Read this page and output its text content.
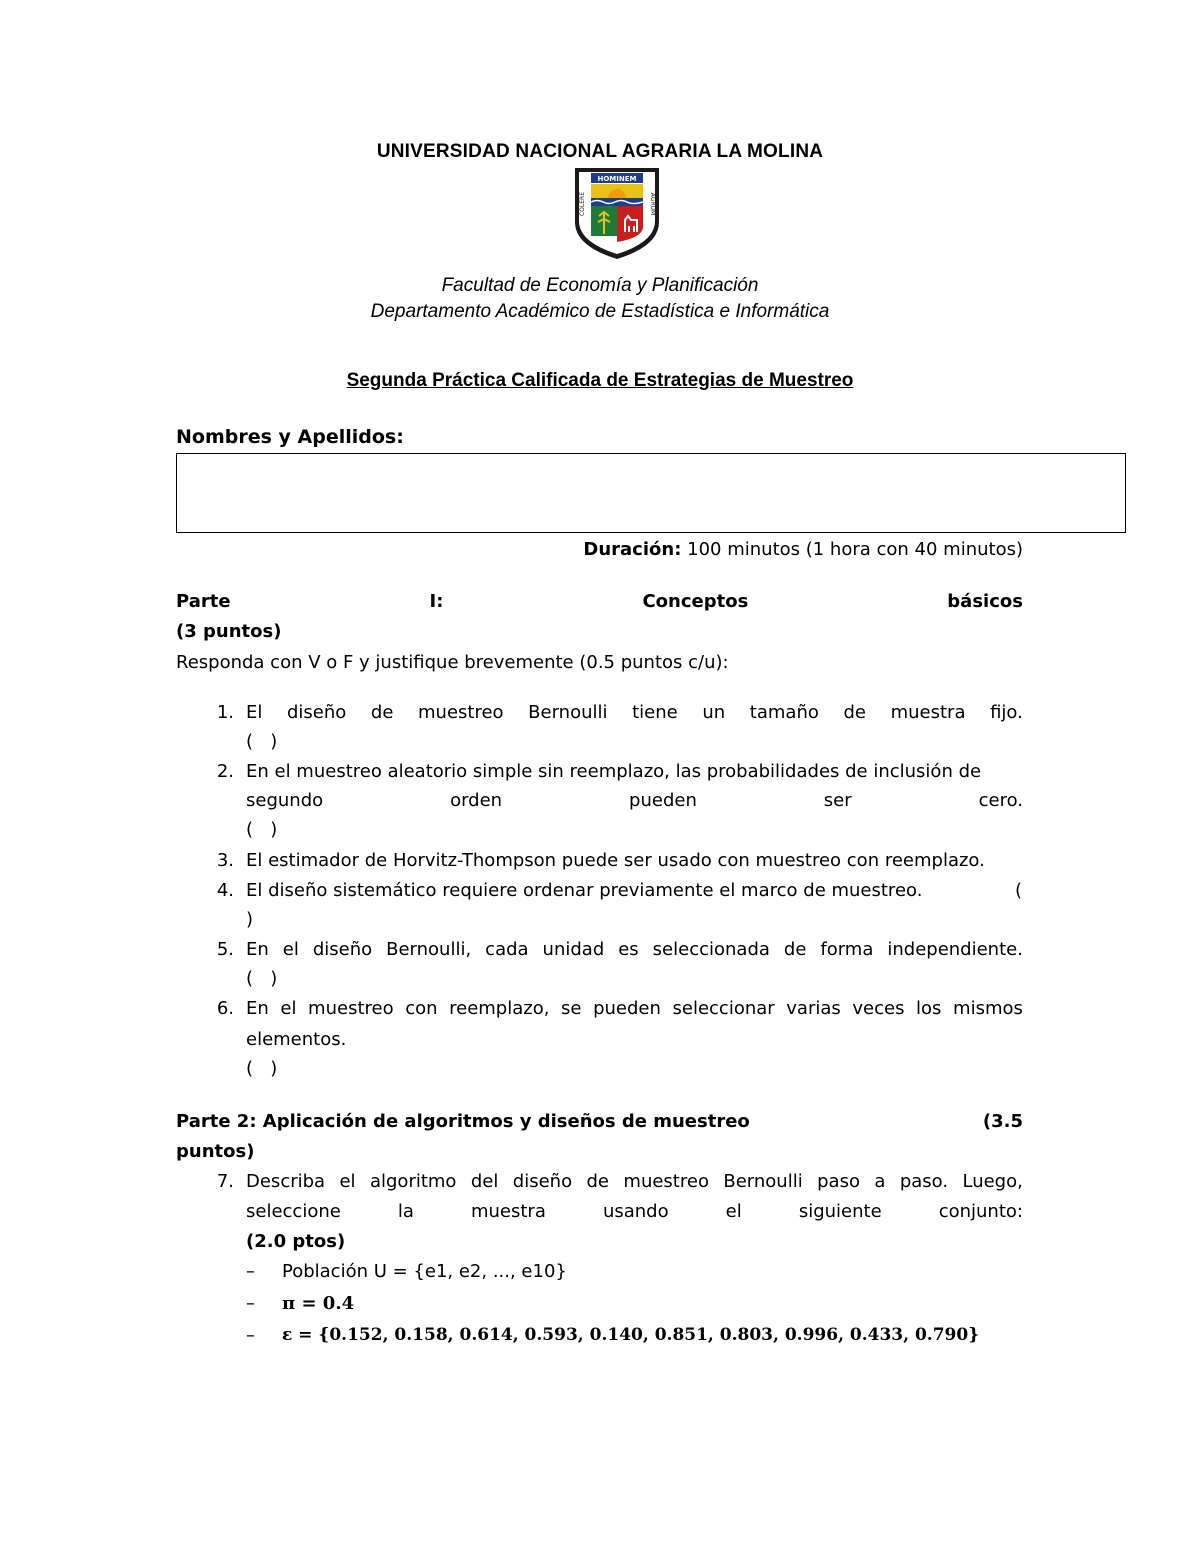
UNIVERSIDAD NACIONAL AGRARIA LA MOLINA
HOMINEM
COLERE	AGRUM
Facultad de Economía y Planificación
Departamento Académico de Estadística e Informática
Segunda Práctica Calificada de Estrategias de Muestreo
Nombres y Apellidos:
Duración: 100 minutos (1 hora con 40 minutos)
Parte	I:	Conceptos	básicos
(3 puntos)
Responda con V o F y justifique brevemente (0.5 puntos c/u):
1. El diseño de muestreo Bernoulli tiene un tamaño de muestra fijo.
(   )
2. En el muestreo aleatorio simple sin reemplazo, las probabilidades de inclusión de
segundo	orden	pueden	ser	cero.
(   )
3. El estimador de Horvitz-Thompson puede ser usado con muestreo con reemplazo.
4. El diseño sistemático requiere ordenar previamente el marco de muestreo.	(
)
5. En el diseño Bernoulli, cada unidad es seleccionada de forma independiente.
(   )
6. En el muestreo con reemplazo, se pueden seleccionar varias veces los mismos
elementos.
(   )
Parte 2: Aplicación de algoritmos y diseños de muestreo	(3.5
puntos)
7. Describa el algoritmo del diseño de muestreo Bernoulli paso a paso. Luego,
seleccione	la	muestra	usando	el	siguiente	conjunto:
(2.0 ptos)
– Población U = {e1, e2, ..., e10}
– π = 0.4
– ε = {0.152, 0.158, 0.614, 0.593, 0.140, 0.851, 0.803, 0.996, 0.433, 0.790}
